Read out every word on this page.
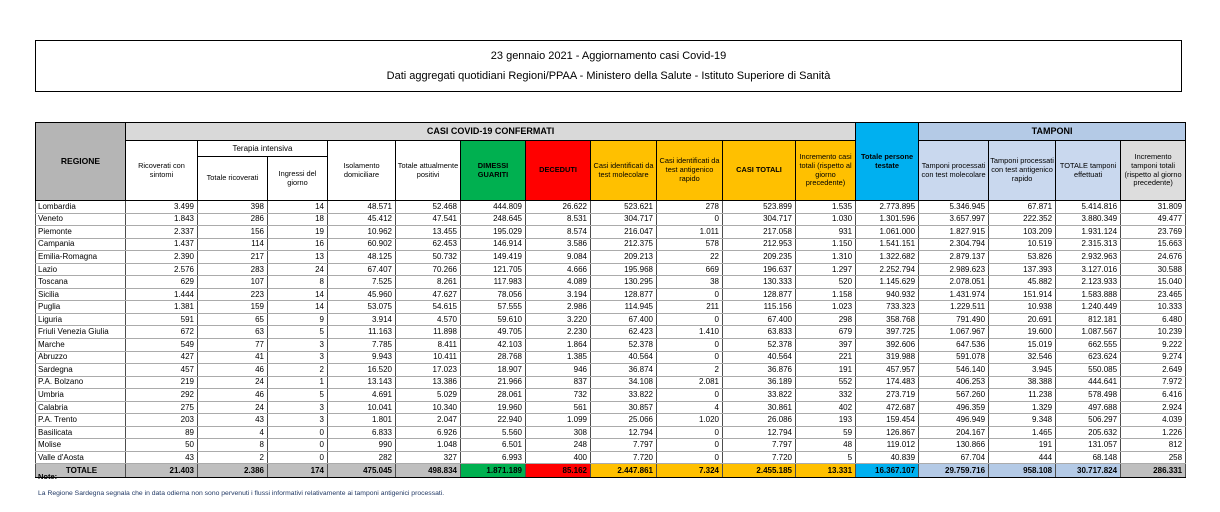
23 gennaio 2021 - Aggiornamento casi Covid-19
Dati aggregati quotidiani Regioni/PPAA - Ministero della Salute - Istituto Superiore di Sanità
REGIONE	CASI COVID-19 CONFERMATI											Totale persone testate	TAMPONI			
	Ricoverati con sintomi	Terapia intensiva		Isolamento domiciliare	Totale attualmente positivi	DIMESSI GUARITI	DECEDUTI	Casi identificati da test molecolare	Casi identificati da test antigenico rapido	CASI TOTALI	Incremento casi totali (rispetto al giorno precedente)		Tamponi processati con test molecolare	Tamponi processati con test antigenico rapido	TOTALE tamponi effettuati	Incremento tamponi totali (rispetto al giorno precedente)
		Totale ricoverati	Ingressi del giorno													
Lombardia	3.499	398	14	48.571	52.468	444.809	26.622	523.621	278	523.899	1.535	2.773.895	5.346.945	67.871	5.414.816	31.809
Veneto	1.843	286	18	45.412	47.541	248.645	8.531	304.717	0	304.717	1.030	1.301.596	3.657.997	222.352	3.880.349	49.477
Piemonte	2.337	156	19	10.962	13.455	195.029	8.574	216.047	1.011	217.058	931	1.061.000	1.827.915	103.209	1.931.124	23.769
Campania	1.437	114	16	60.902	62.453	146.914	3.586	212.375	578	212.953	1.150	1.541.151	2.304.794	10.519	2.315.313	15.663
Emilia-Romagna	2.390	217	13	48.125	50.732	149.419	9.084	209.213	22	209.235	1.310	1.322.682	2.879.137	53.826	2.932.963	24.676
Lazio	2.576	283	24	67.407	70.266	121.705	4.666	195.968	669	196.637	1.297	2.252.794	2.989.623	137.393	3.127.016	30.588
Toscana	629	107	8	7.525	8.261	117.983	4.089	130.295	38	130.333	520	1.145.629	2.078.051	45.882	2.123.933	15.040
Sicilia	1.444	223	14	45.960	47.627	78.056	3.194	128.877	0	128.877	1.158	940.932	1.431.974	151.914	1.583.888	23.465
Puglia	1.381	159	14	53.075	54.615	57.555	2.986	114.945	211	115.156	1.023	733.323	1.229.511	10.938	1.240.449	10.333
Liguria	591	65	9	3.914	4.570	59.610	3.220	67.400	0	67.400	298	358.768	791.490	20.691	812.181	6.480
Friuli Venezia Giulia	672	63	5	11.163	11.898	49.705	2.230	62.423	1.410	63.833	679	397.725	1.067.967	19.600	1.087.567	10.239
Marche	549	77	3	7.785	8.411	42.103	1.864	52.378	0	52.378	397	392.606	647.536	15.019	662.555	9.222
Abruzzo	427	41	3	9.943	10.411	28.768	1.385	40.564	0	40.564	221	319.988	591.078	32.546	623.624	9.274
Sardegna	457	46	2	16.520	17.023	18.907	946	36.874	2	36.876	191	457.957	546.140	3.945	550.085	2.649
P.A. Bolzano	219	24	1	13.143	13.386	21.966	837	34.108	2.081	36.189	552	174.483	406.253	38.388	444.641	7.972
Umbria	292	46	5	4.691	5.029	28.061	732	33.822	0	33.822	332	273.719	567.260	11.238	578.498	6.416
Calabria	275	24	3	10.041	10.340	19.960	561	30.857	4	30.861	402	472.687	496.359	1.329	497.688	2.924
P.A. Trento	203	43	3	1.801	2.047	22.940	1.099	25.066	1.020	26.086	193	159.454	496.949	9.348	506.297	4.039
Basilicata	89	4	0	6.833	6.926	5.560	308	12.794	0	12.794	59	126.867	204.167	1.465	205.632	1.226
Molise	50	8	0	990	1.048	6.501	248	7.797	0	7.797	48	119.012	130.866	191	131.057	812
Valle d'Aosta	43	2	0	282	327	6.993	400	7.720	0	7.720	5	40.839	67.704	444	68.148	258
TOTALE	21.403	2.386	174	475.045	498.834	1.871.189	85.162	2.447.861	7.324	2.455.185	13.331	16.367.107	29.759.716	958.108	30.717.824	286.331
Note:
La Regione Sardegna segnala che in data odierna non sono pervenuti i flussi informativi relativamente ai tamponi antigenici processati.
